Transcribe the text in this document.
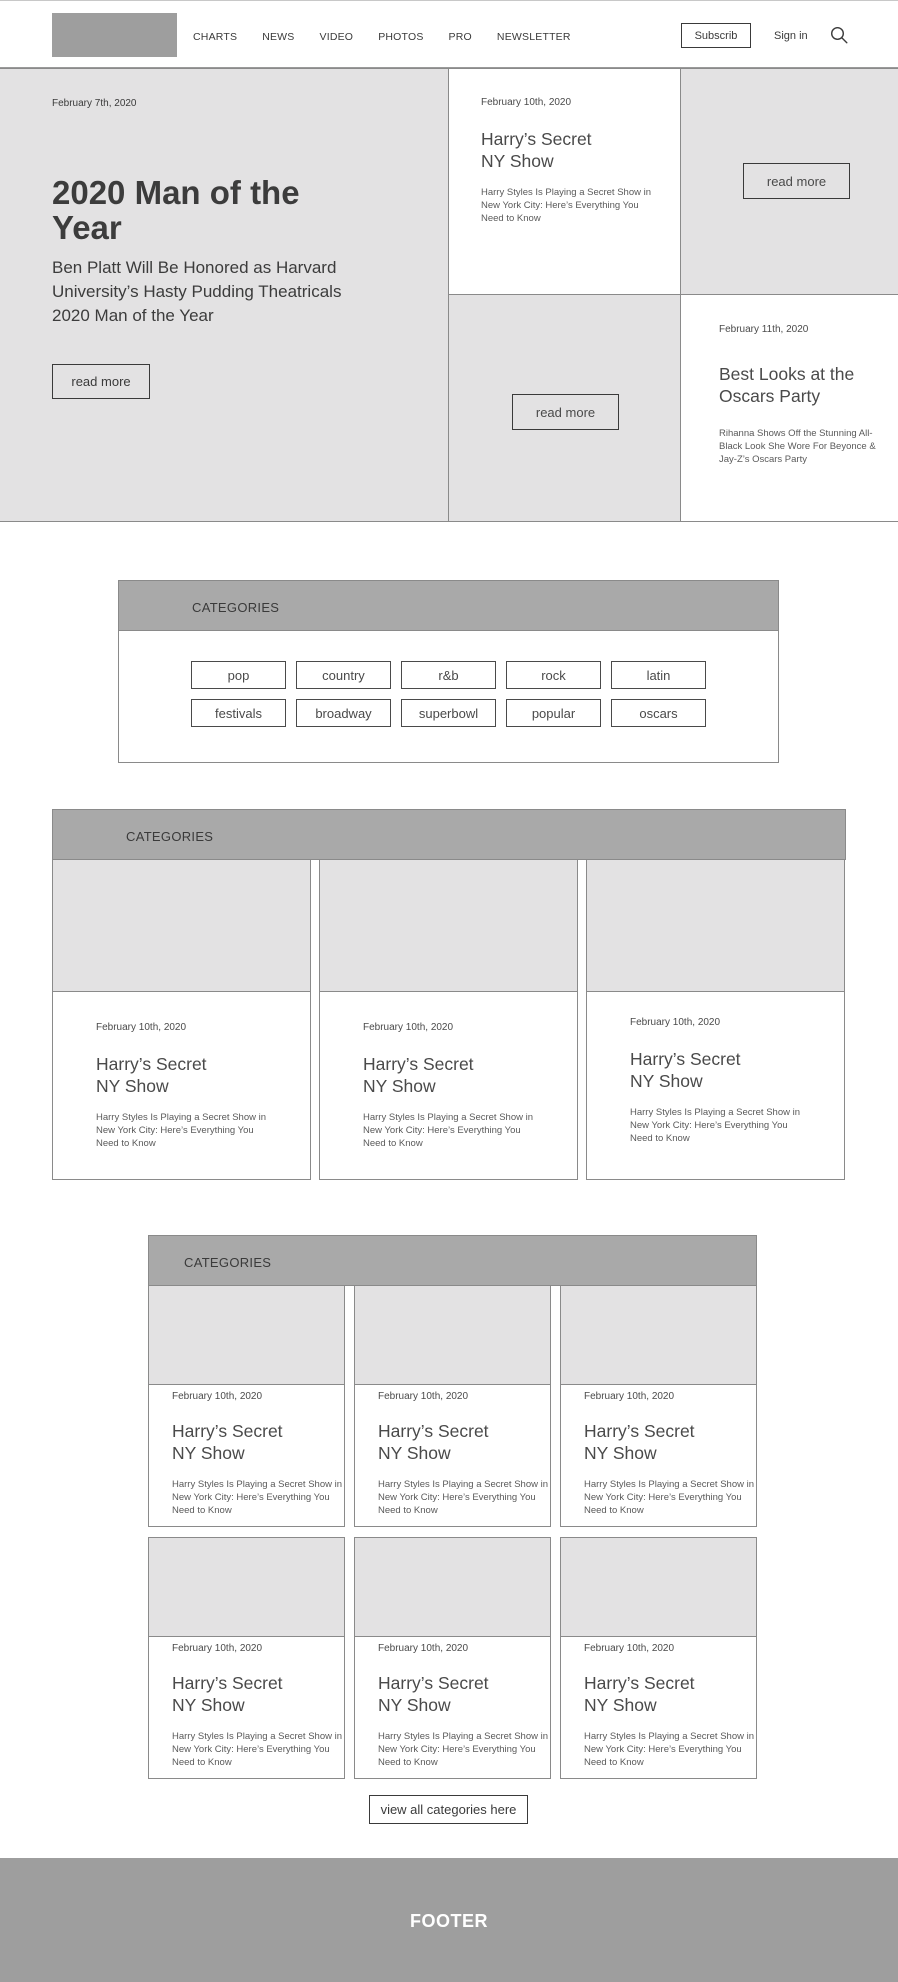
CHARTS NEWS VIDEO PHOTOS PRO NEWSLETTER	Subscrib	Sign in
February 7th, 2020
2020 Man of the Year
Ben Platt Will Be Honored as Harvard University’s Hasty Pudding Theatricals 2020 Man of the Year
read more
February 10th, 2020
Harry’s Secret
NY Show
Harry Styles Is Playing a Secret Show in New York City: Here’s Everything You Need to Know
read more
read more
February 11th, 2020
Best Looks at the
Oscars Party
Rihanna Shows Off the Stunning All-Black Look She Wore For Beyonce & Jay-Z’s Oscars Party
CATEGORIES
pop	country	r&b	rock	latin
festivals	broadway	superbowl	popular	oscars
CATEGORIES
February 10th, 2020
Harry’s Secret
NY Show
Harry Styles Is Playing a Secret Show in New York City: Here’s Everything You Need to Know
February 10th, 2020
Harry’s Secret
NY Show
Harry Styles Is Playing a Secret Show in New York City: Here’s Everything You Need to Know
February 10th, 2020
Harry’s Secret
NY Show
Harry Styles Is Playing a Secret Show in New York City: Here’s Everything You Need to Know
CATEGORIES
February 10th, 2020
Harry’s Secret
NY Show
Harry Styles Is Playing a Secret Show in New York City: Here’s Everything You Need to Know
February 10th, 2020
Harry’s Secret
NY Show
Harry Styles Is Playing a Secret Show in New York City: Here’s Everything You Need to Know
February 10th, 2020
Harry’s Secret
NY Show
Harry Styles Is Playing a Secret Show in New York City: Here’s Everything You Need to Know
February 10th, 2020
Harry’s Secret
NY Show
Harry Styles Is Playing a Secret Show in New York City: Here’s Everything You Need to Know
February 10th, 2020
Harry’s Secret
NY Show
Harry Styles Is Playing a Secret Show in New York City: Here’s Everything You Need to Know
February 10th, 2020
Harry’s Secret
NY Show
Harry Styles Is Playing a Secret Show in New York City: Here’s Everything You Need to Know
view all categories here
FOOTER
